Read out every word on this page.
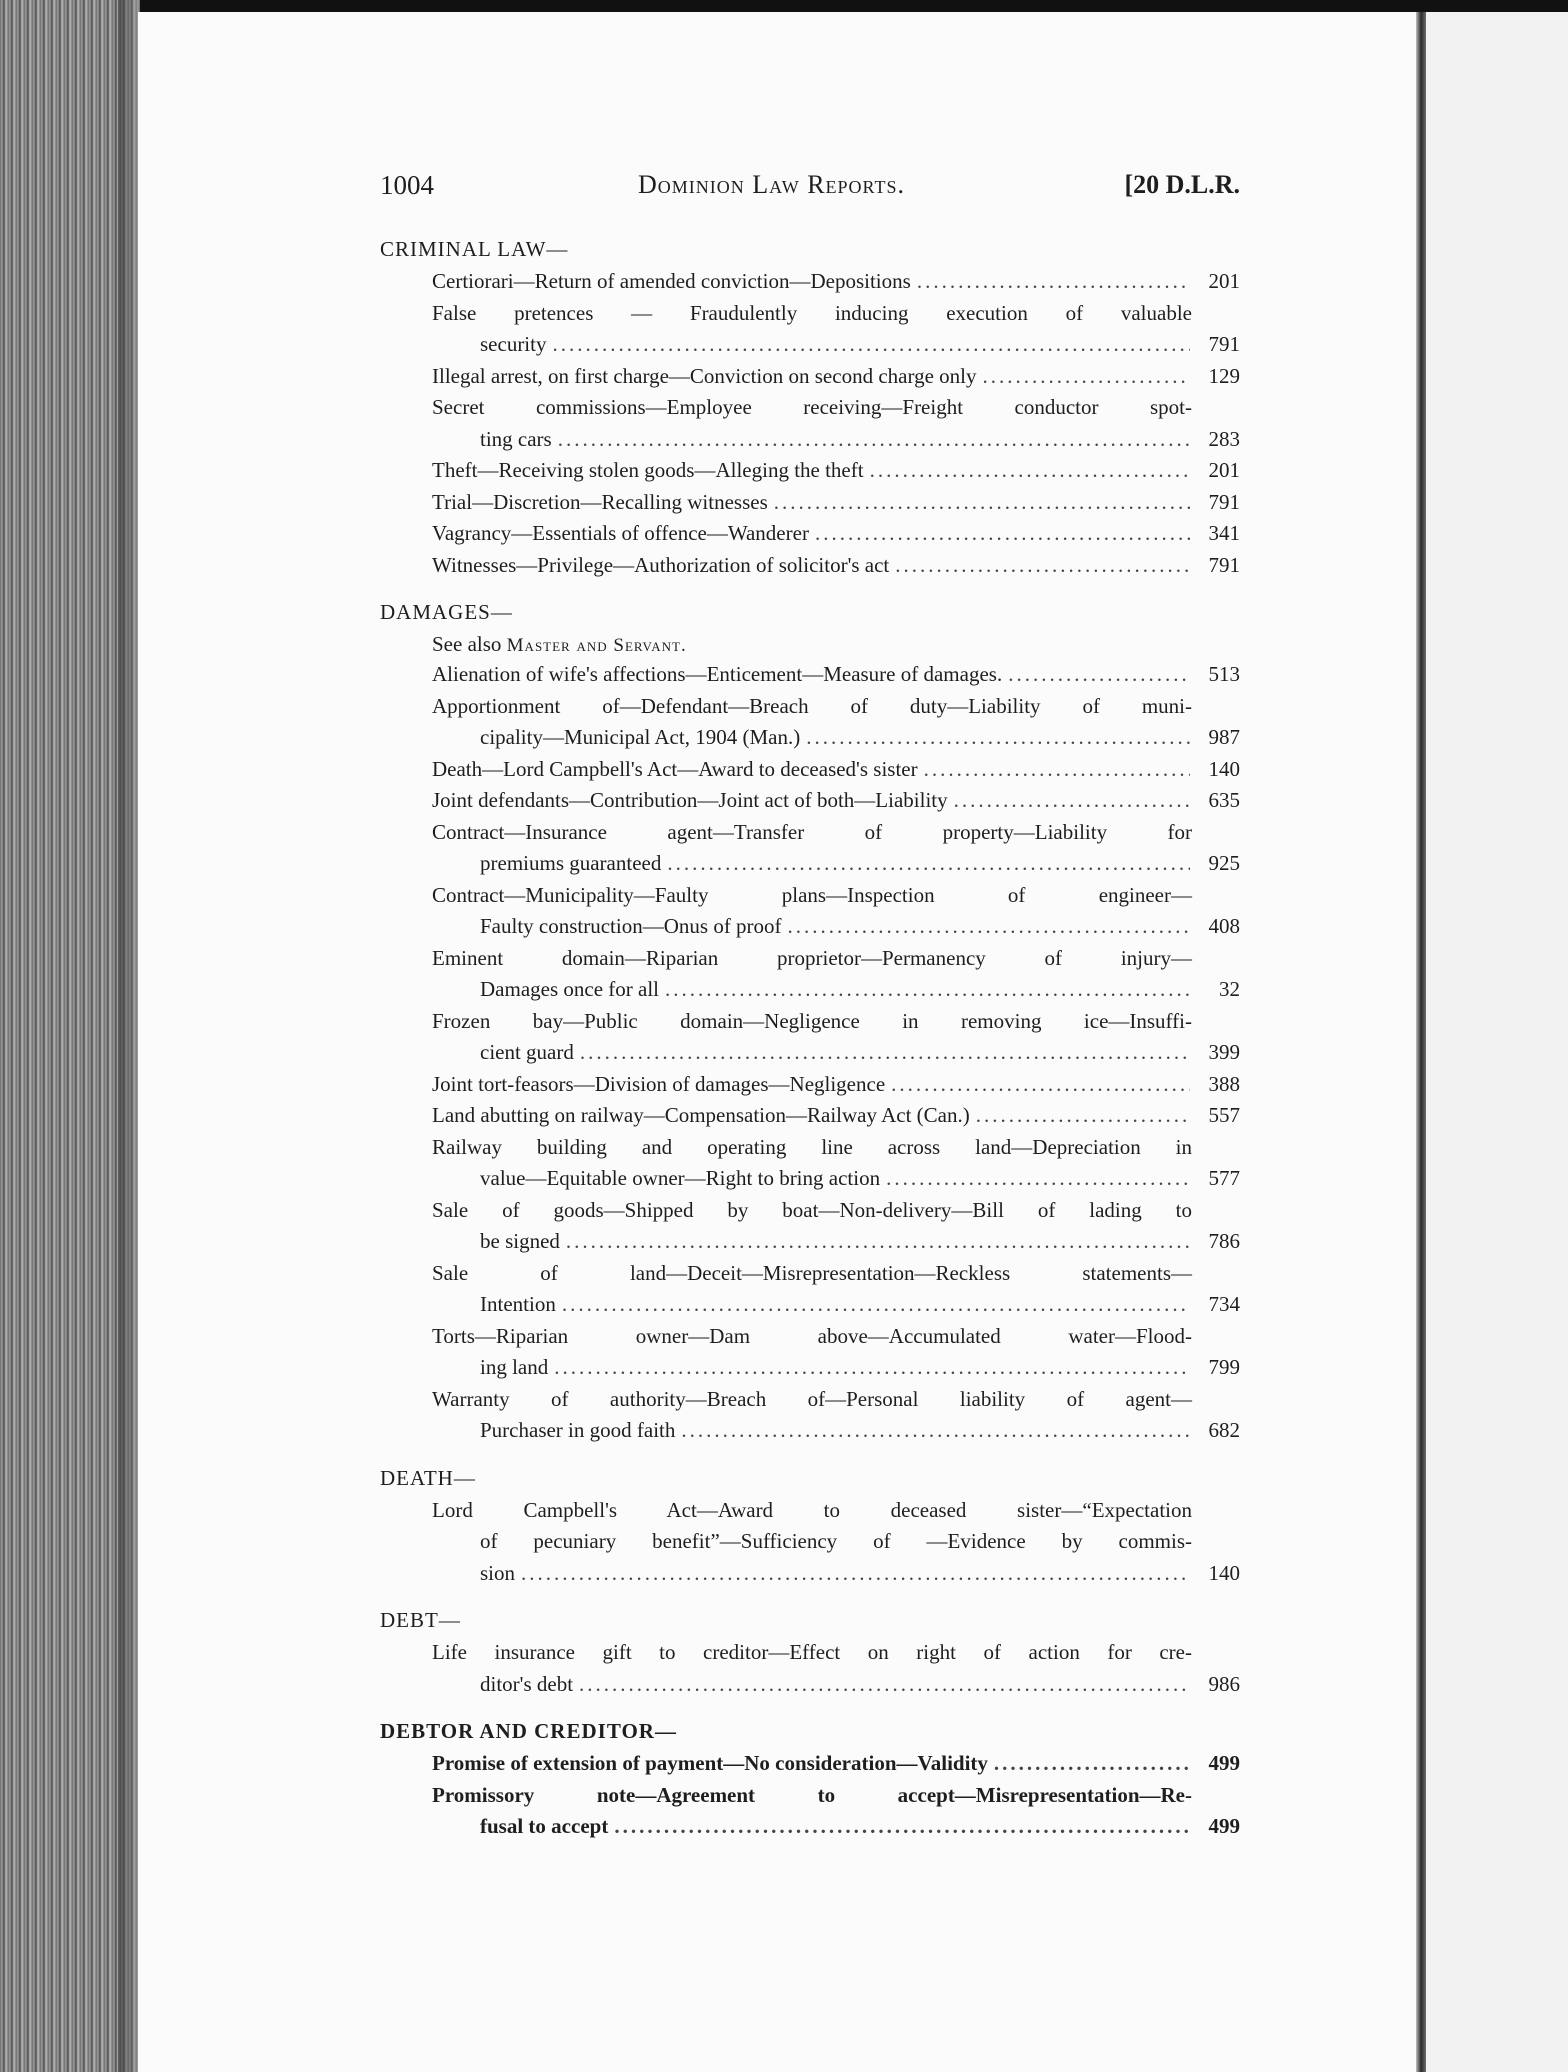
1004	Dominion Law Reports.	[20 D.L.R.
CRIMINAL LAW—
Certiorari—Return of amended conviction—Depositions .....	201
False pretences — Fraudulently inducing execution of valuable
security .....	791
Illegal arrest, on first charge—Conviction on second charge only .....	129
Secret commissions—Employee receiving—Freight conductor spot-
ting cars .....	283
Theft—Receiving stolen goods—Alleging the theft .....	201
Trial—Discretion—Recalling witnesses .....	791
Vagrancy—Essentials of offence—Wanderer .....	341
Witnesses—Privilege—Authorization of solicitor's act .....	791
DAMAGES—
See also Master and Servant.
Alienation of wife's affections—Enticement—Measure of damages. .....	513
Apportionment of—Defendant—Breach of duty—Liability of muni-
cipality—Municipal Act, 1904 (Man.) .....	987
Death—Lord Campbell's Act—Award to deceased's sister .....	140
Joint defendants—Contribution—Joint act of both—Liability .....	635
Contract—Insurance agent—Transfer of property—Liability for
premiums guaranteed .....	925
Contract—Municipality—Faulty plans—Inspection of engineer—
Faulty construction—Onus of proof .....	408
Eminent domain—Riparian proprietor—Permanency of injury—
Damages once for all .....	32
Frozen bay—Public domain—Negligence in removing ice—Insuffi-
cient guard .....	399
Joint tort-feasors—Division of damages—Negligence .....	388
Land abutting on railway—Compensation—Railway Act (Can.) .....	557
Railway building and operating line across land—Depreciation in
value—Equitable owner—Right to bring action .....	577
Sale of goods—Shipped by boat—Non-delivery—Bill of lading to
be signed .....	786
Sale of land—Deceit—Misrepresentation—Reckless statements—
Intention .....	734
Torts—Riparian owner—Dam above—Accumulated water—Flood-
ing land .....	799
Warranty of authority—Breach of—Personal liability of agent—
Purchaser in good faith .....	682
DEATH—
Lord Campbell's Act—Award to deceased sister—“Expectation
of pecuniary benefit”—Sufficiency of —Evidence by commis-
sion .....	140
DEBT—
Life insurance gift to creditor—Effect on right of action for cre-
ditor's debt .....	986
DEBTOR AND CREDITOR—
Promise of extension of payment—No consideration—Validity .....	499
Promissory note—Agreement to accept—Misrepresentation—Re-
fusal to accept .....	499
